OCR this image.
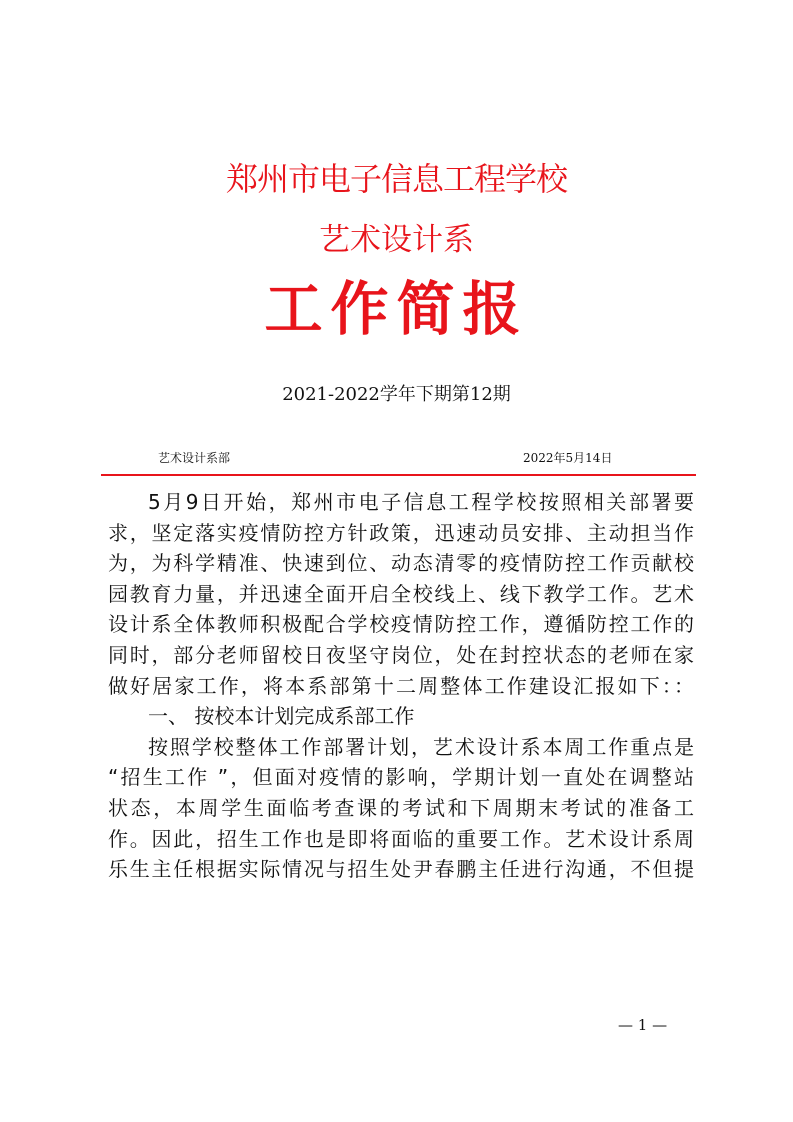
郑州市电子信息工程学校
艺术设计系
工作简报
2021-2022学年下期第12期
艺术设计系部	2022年5月14日
5月9日开始，郑州市电子信息工程学校按照相关部署要
求，坚定落实疫情防控方针政策，迅速动员安排、主动担当作
为，为科学精准、快速到位、动态清零的疫情防控工作贡献校
园教育力量，并迅速全面开启全校线上、线下教学工作。艺术
设计系全体教师积极配合学校疫情防控工作，遵循防控工作的
同时，部分老师留校日夜坚守岗位，处在封控状态的老师在家
做好居家工作，将本系部第十二周整体工作建设汇报如下：：
一、 按校本计划完成系部工作
按照学校整体工作部署计划，艺术设计系本周工作重点是
“招生工作 ”，但面对疫情的影响，学期计划一直处在调整站
状态，本周学生面临考查课的考试和下周期末考试的准备工
作。因此，招生工作也是即将面临的重要工作。艺术设计系周
乐生主任根据实际情况与招生处尹春鹏主任进行沟通，不但提
— 1 —
